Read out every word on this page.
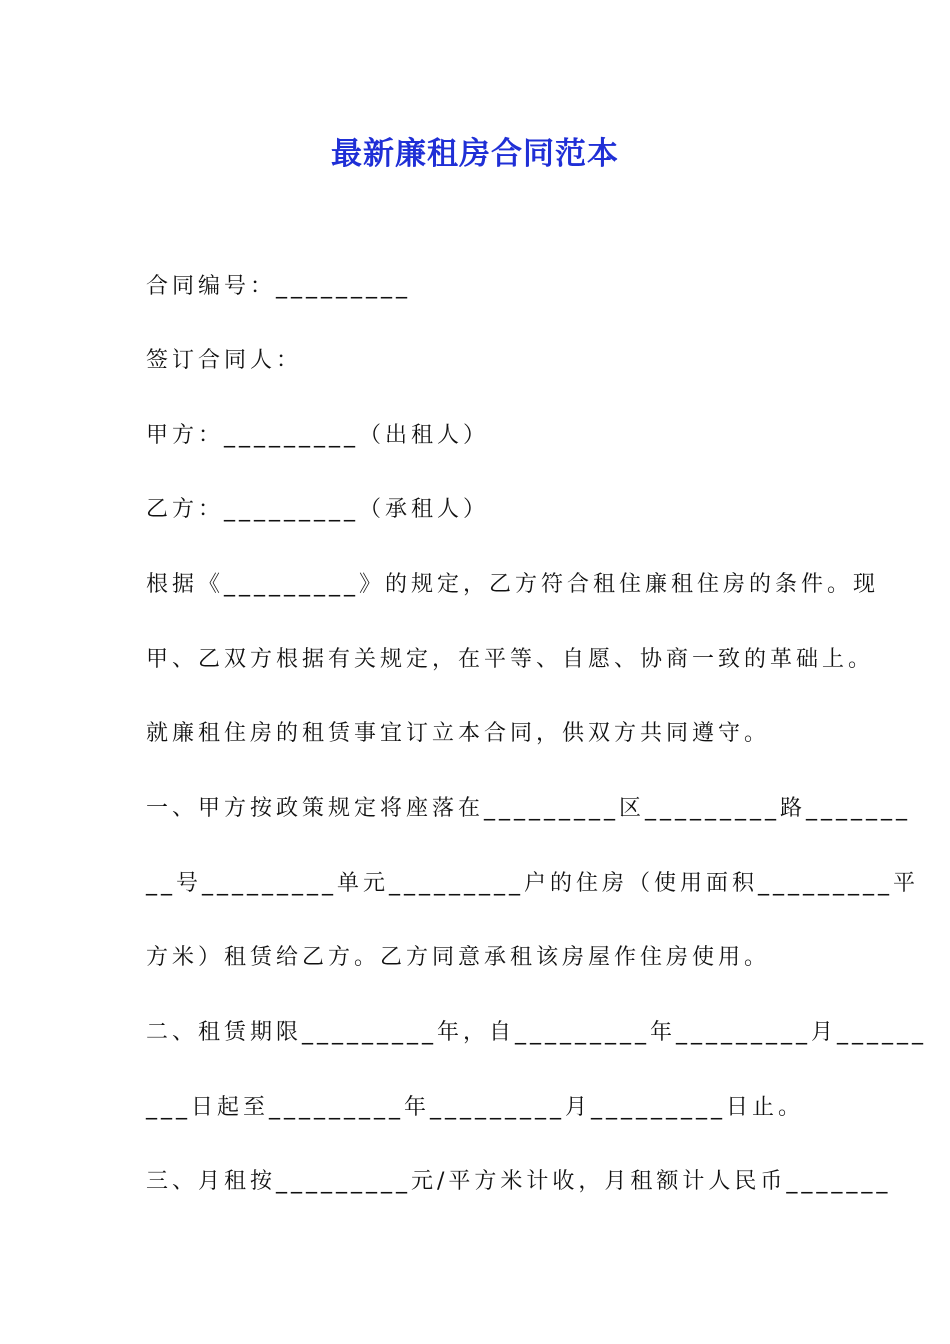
最新廉租房合同范本
合同编号：_________
签订合同人：
甲方：_________（出租人）
乙方：_________（承租人）
根据《_________》的规定，乙方符合租住廉租住房的条件。现
甲、乙双方根据有关规定，在平等、自愿、协商一致的革础上。
就廉租住房的租赁事宜订立本合同，供双方共同遵守。
一、甲方按政策规定将座落在_________区_________路_______
__号_________单元_________户的住房（使用面积_________平
方米）租赁给乙方。乙方同意承租该房屋作住房使用。
二、租赁期限_________年，自_________年_________月______
___日起至_________年_________月_________日止。
三、月租按_________元/平方米计收，月租额计人民币_______
